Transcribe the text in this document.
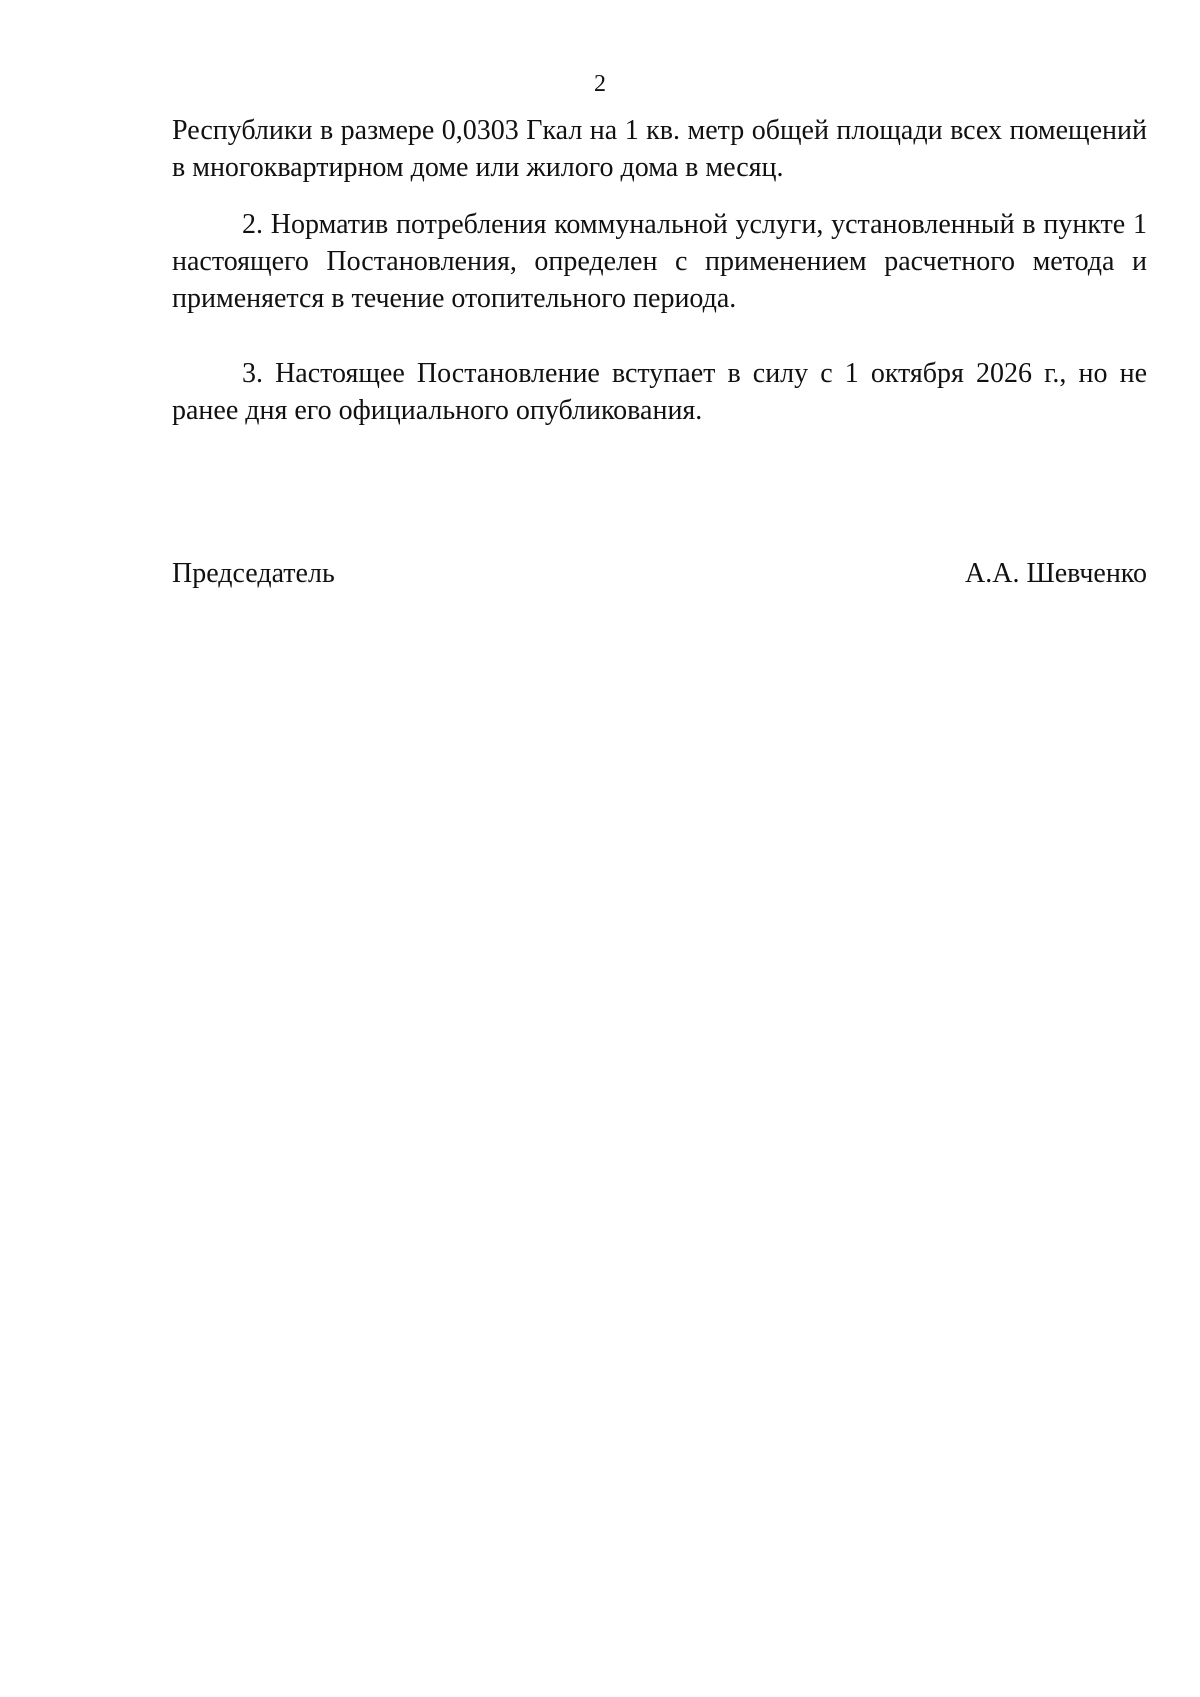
2

Республики в размере 0,0303 Гкал на 1 кв. метр общей площади всех помещений в многоквартирном доме или жилого дома в месяц.

2. Норматив потребления коммунальной услуги, установленный в пункте 1 настоящего Постановления, определен с применением расчетного метода и применяется в течение отопительного периода.

3. Настоящее Постановление вступает в силу с 1 октября 2026 г., но не ранее дня его официального опубликования.

Председатель	А.А. Шевченко
